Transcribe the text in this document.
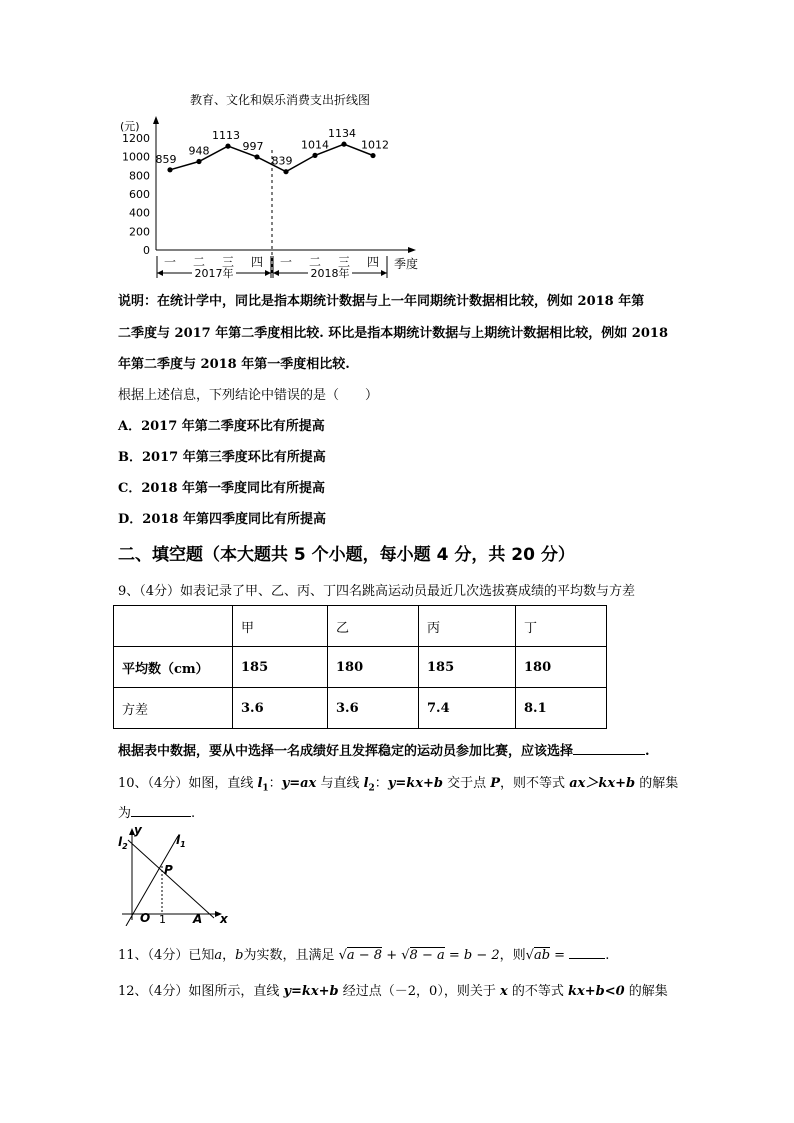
教育、文化和娱乐消费支出折线图
(元)
0
200
400
600
800
1000
1200
季度
859
948
1113
997
839
1014
1134
1012
一 二 三 四 一 二 三 四
2017年	2018年
说明：在统计学中，同比是指本期统计数据与上一年同期统计数据相比较，例如 2018 年第
二季度与 2017 年第二季度相比较. 环比是指本期统计数据与上期统计数据相比较，例如 2018
年第二季度与 2018 年第一季度相比较.
根据上述信息，下列结论中错误的是（　　）
A．2017 年第二季度环比有所提高
B．2017 年第三季度环比有所提高
C．2018 年第一季度同比有所提高
D．2018 年第四季度同比有所提高
二、填空题（本大题共 5 个小题，每小题 4 分，共 20 分）
9、（4分）如表记录了甲、乙、丙、丁四名跳高运动员最近几次选拔赛成绩的平均数与方差
	甲	乙	丙	丁
平均数（cm）	185	180	185	180
方差	3.6	3.6	7.4	8.1
根据表中数据，要从中选择一名成绩好且发挥稳定的运动员参加比赛，应该选择	.
10、（4分）如图，直线 $l_1$：y=ax 与直线 $l_2$：y=kx+b 交于点 P，则不等式 ax＞kx+b 的解集
为	.
y
$l_2$	$l_1$
P
O 1 A x
11、（4分）已知a，b为实数，且满足 √a − 8 + √8 − a = b − 2，则√ab =	.
12、（4分）如图所示，直线 y=kx+b 经过点（－2，0），则关于 x 的不等式 kx+b<0 的解集
